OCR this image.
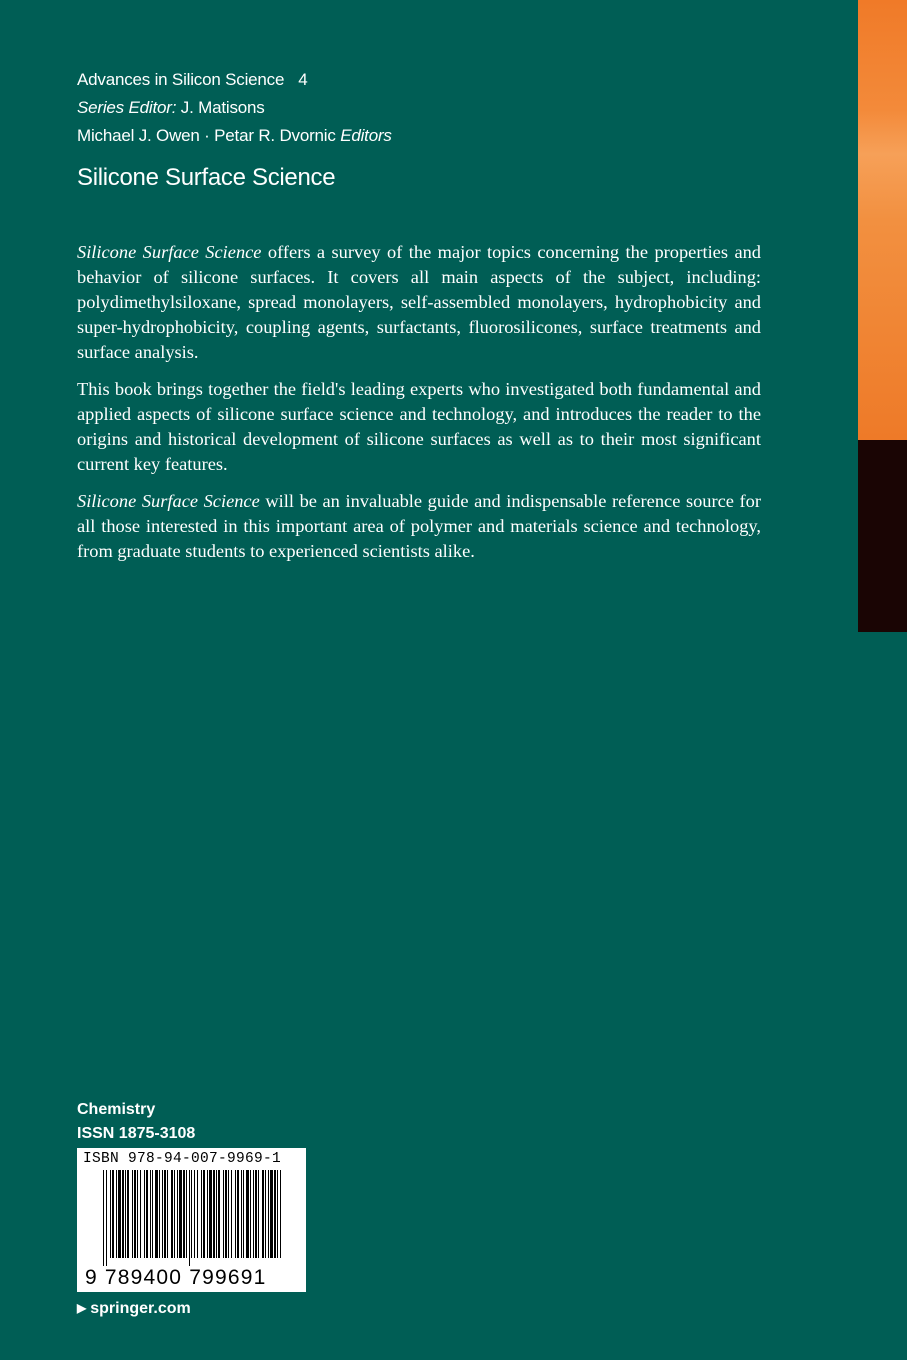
Advances in Silicon Science 4
Series Editor: J. Matisons
Michael J. Owen · Petar R. Dvornic Editors
Silicone Surface Science

Silicone Surface Science offers a survey of the major topics concerning the properties and behavior of silicone surfaces. It covers all main aspects of the subject, including: polydimethylsiloxane, spread monolayers, self-assembled monolayers, hydrophobicity and super-hydrophobicity, coupling agents, surfactants, fluorosilicones, surface treatments and surface analysis.

This book brings together the field's leading experts who investigated both fundamental and applied aspects of silicone surface science and technology, and introduces the reader to the origins and historical development of silicone surfaces as well as to their most significant current key features.

Silicone Surface Science will be an invaluable guide and indispensable reference source for all those interested in this important area of polymer and materials science and technology, from graduate students to experienced scientists alike.

Chemistry
ISSN 1875-3108
ISBN 978-94-007-9969-1
9 789400 799691
▶ springer.com
